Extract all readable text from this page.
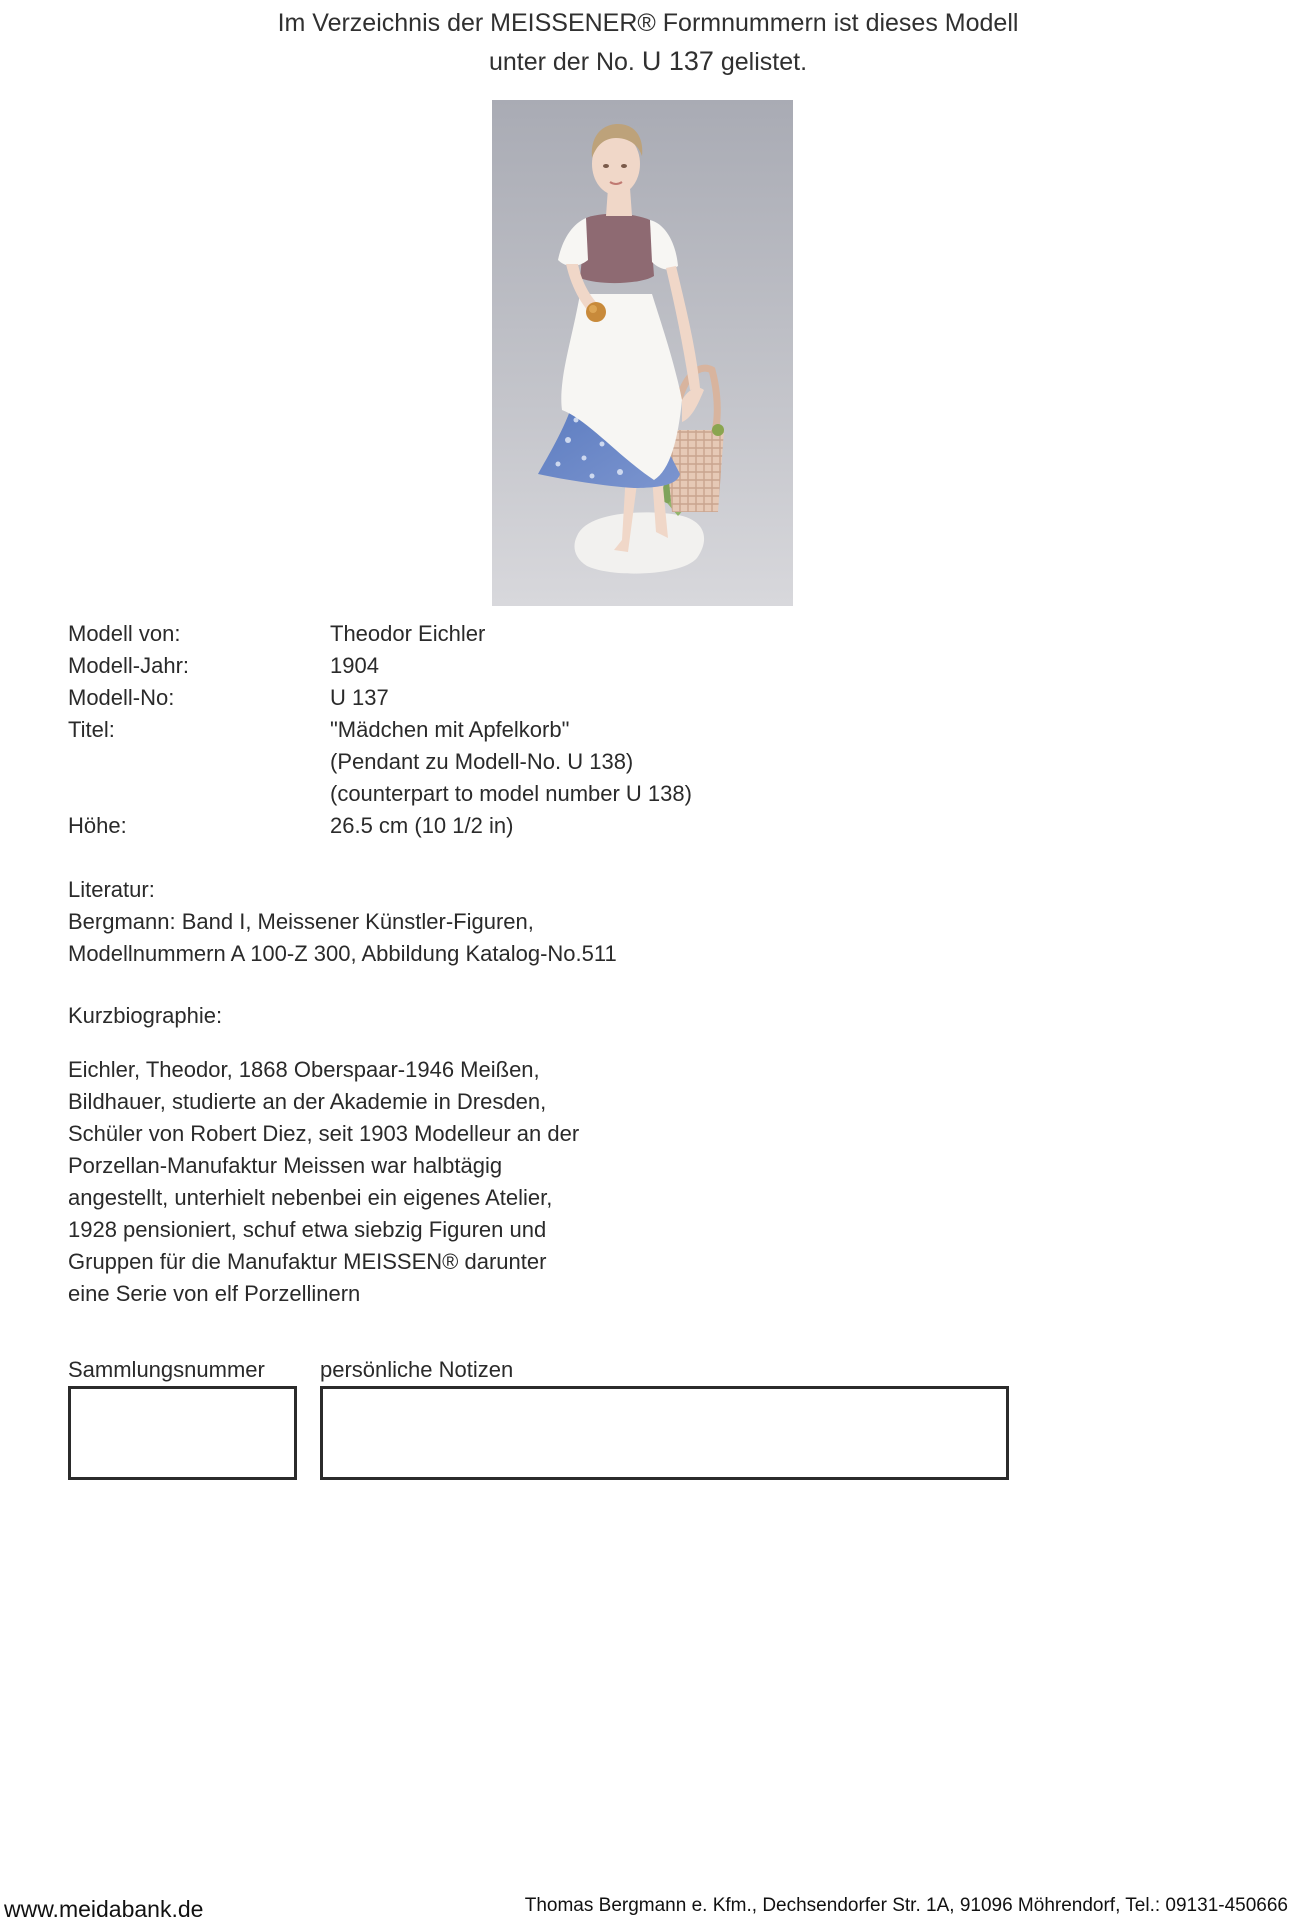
Im Verzeichnis der MEISSENER® Formnummern ist dieses Modell
unter der No. U 137 gelistet.
Modell von:	Theodor Eichler
Modell-Jahr:	1904
Modell-No:	U 137
Titel:	"Mädchen mit Apfelkorb"
(Pendant zu Modell-No. U 138)
(counterpart to model number U 138)
Höhe:	26.5 cm (10 1/2 in)
Literatur:
Bergmann: Band I, Meissener Künstler-Figuren,
Modellnummern A 100-Z 300, Abbildung Katalog-No.511
Kurzbiographie:
Eichler, Theodor, 1868 Oberspaar-1946 Meißen,
Bildhauer, studierte an der Akademie in Dresden,
Schüler von Robert Diez, seit 1903 Modelleur an der
Porzellan-Manufaktur Meissen war halbtägig
angestellt, unterhielt nebenbei ein eigenes Atelier,
1928 pensioniert, schuf etwa siebzig Figuren und
Gruppen für die Manufaktur MEISSEN® darunter
eine Serie von elf Porzellinern
Sammlungsnummer	persönliche Notizen
www.meidabank.de	Thomas Bergmann e. Kfm., Dechsendorfer Str. 1A, 91096 Möhrendorf, Tel.: 09131-450666
